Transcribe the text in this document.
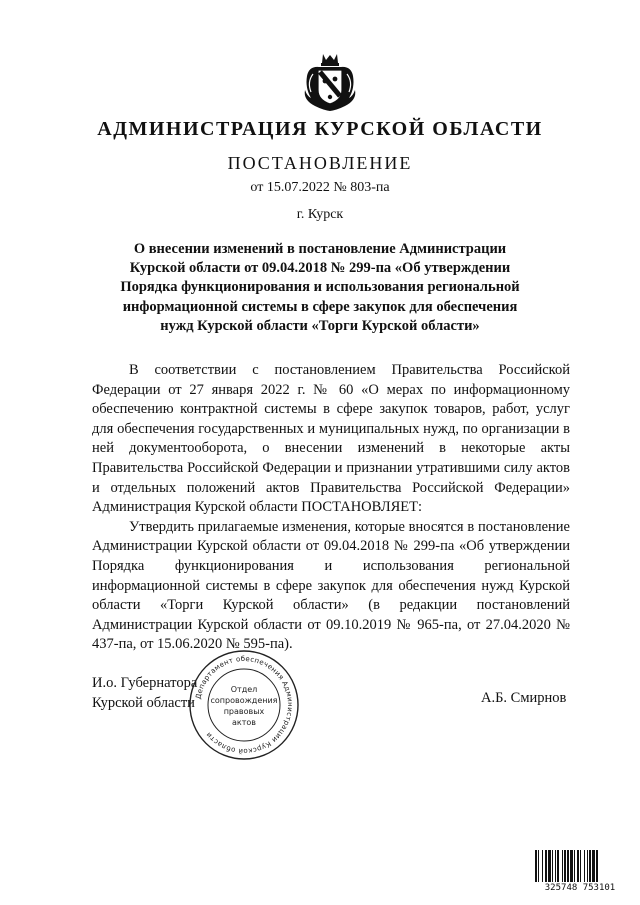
АДМИНИСТРАЦИЯ КУРСКОЙ ОБЛАСТИ
ПОСТАНОВЛЕНИЕ
от 15.07.2022 № 803-па
г. Курск
О внесении изменений в постановление Администрации Курской области от 09.04.2018 № 299-па «Об утверждении Порядка функционирования и использования региональной информационной системы в сфере закупок для обеспечения нужд Курской области «Торги Курской области»

В соответствии с постановлением Правительства Российской Федерации от 27 января 2022 г. № 60 «О мерах по информационному обеспечению контрактной системы в сфере закупок товаров, работ, услуг для обеспечения государственных и муниципальных нужд, по организации в ней документооборота, о внесении изменений в некоторые акты Правительства Российской Федерации и признании утратившими силу актов и отдельных положений актов Правительства Российской Федерации» Администрация Курской области ПОСТАНОВЛЯЕТ:

Утвердить прилагаемые изменения, которые вносятся в постановление Администрации Курской области от 09.04.2018 № 299-па «Об утверждении Порядка функционирования и использования региональной информационной системы в сфере закупок для обеспечения нужд Курской области «Торги Курской области» (в редакции постановлений Администрации Курской области от 09.10.2019 № 965-па, от 27.04.2020 № 437-па, от 15.06.2020 № 595-па).

И.о. Губернатора
Курской области	А.Б. Смирнов
Департамент обеспечения Администрации Курской области
Отдел
сопровождения
правовых
актов
325748 753101
